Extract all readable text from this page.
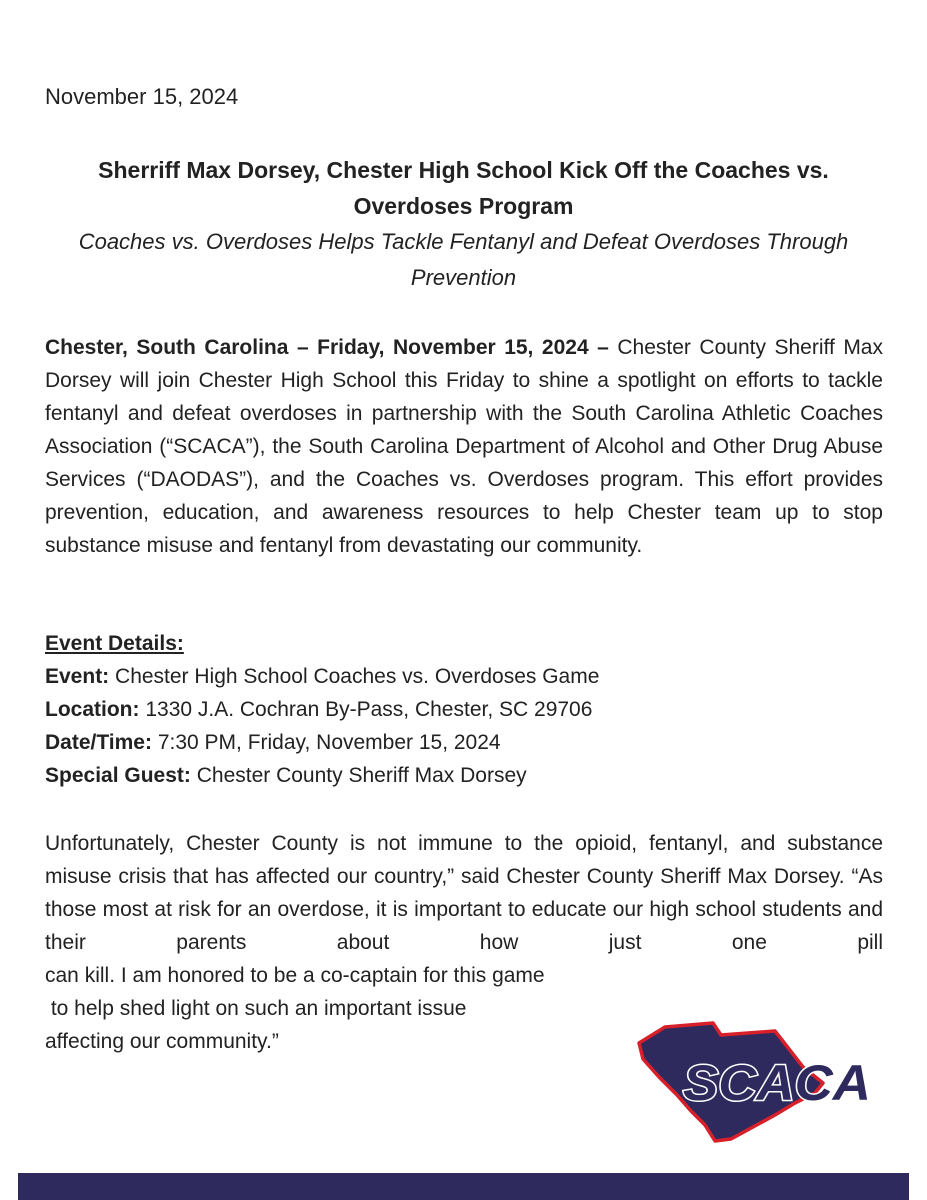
November 15, 2024
Sherriff Max Dorsey, Chester High School Kick Off the Coaches vs. Overdoses Program
Coaches vs. Overdoses Helps Tackle Fentanyl and Defeat Overdoses Through Prevention
Chester, South Carolina – Friday, November 15, 2024 – Chester County Sheriff Max Dorsey will join Chester High School this Friday to shine a spotlight on efforts to tackle fentanyl and defeat overdoses in partnership with the South Carolina Athletic Coaches Association (“SCACA”), the South Carolina Department of Alcohol and Other Drug Abuse Services (“DAODAS”), and the Coaches vs. Overdoses program. This effort provides prevention, education, and awareness resources to help Chester team up to stop substance misuse and fentanyl from devastating our community.
Event Details:
Event: Chester High School Coaches vs. Overdoses Game
Location: 1330 J.A. Cochran By-Pass, Chester, SC 29706
Date/Time: 7:30 PM, Friday, November 15, 2024
Special Guest: Chester County Sheriff Max Dorsey
Unfortunately, Chester County is not immune to the opioid, fentanyl, and substance misuse crisis that has affected our country,” said Chester County Sheriff Max Dorsey. “As those most at risk for an overdose, it is important to educate our high school students and their parents about how just one pill
can kill. I am honored to be a co-captain for this game
to help shed light on such an important issue
affecting our community.”
SCACA
